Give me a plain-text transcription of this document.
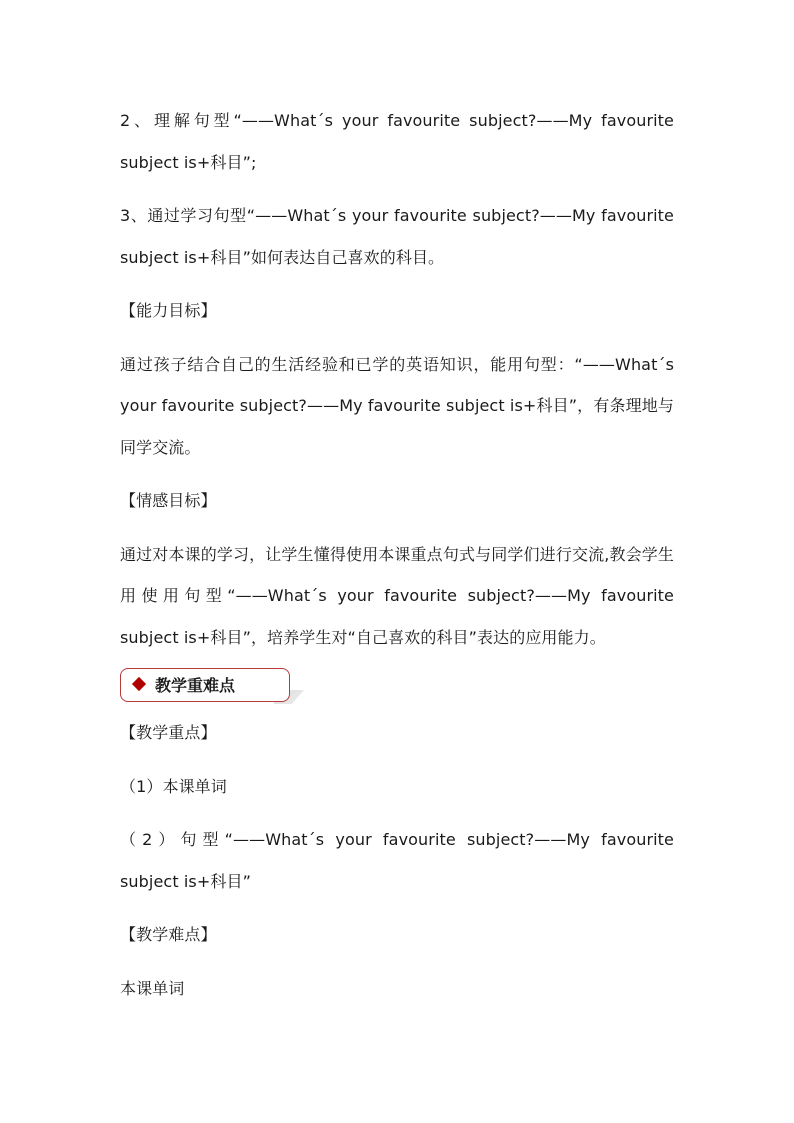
2、理解句型“——What´s your favourite subject?——My favourite subject is+科目”;

3、通过学习句型“——What´s your favourite subject?——My favourite subject is+科目”如何表达自己喜欢的科目。

【能力目标】

通过孩子结合自己的生活经验和已学的英语知识，能用句型：“——What´s your favourite subject?——My favourite subject is+科目”，有条理地与同学交流。

【情感目标】

通过对本课的学习，让学生懂得使用本课重点句式与同学们进行交流,教会学生用使用句型“——What´s your favourite subject?——My favourite subject is+科目”，培养学生对“自己喜欢的科目”表达的应用能力。

教学重难点

【教学重点】

（1）本课单词

（2）句型“——What´s your favourite subject?——My favourite subject is+科目”

【教学难点】

本课单词
